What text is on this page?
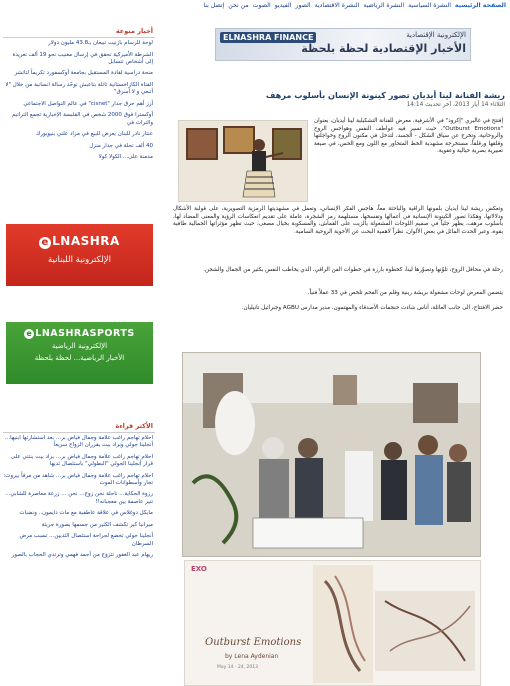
الصفحة الرئيسية
النشرة السياسية
النشرة الرياضية
النشرة الاقتصادية
الصور
الفيديو
الصوت
من نحن
إتصل بنا
أخبار منوعة
لوحة للرسام بازنيت تبيعان بـ43.8 مليون دولار
الشرطة الأميركية تحقق في إرسال مغنيب نحو 19 ألف تغريدة إلى أشخاص تتسابل
منحة دراسية لقادة المستقبل بجامعة أوكسفورد تكريماً لتاتشر
الفتاة الكازاخستانية تائلة بتاعبش توحّد رسالة انسانية من خلال "لا أتبعي و لا أسرق"
أزز أهم حرق جدار "cisnet" في عالم التواصل الاجتماعي
أوكسترا فوق 2000 شخص في القلبسة الإخبارية تجمع التراتيم والتراث في
عنتار نادر للبنان يعرض للبيع في مزاد علني بنيويورك
40 ألف تحلة في جدار منزل
مدمنة على... الكولا كولا
e LNASHRA
الإلكترونية اللبنانية
e LNASHRASPORTS
الإلكترونية الرياضية
الأخبار الرياضية... لحظة بلحظة
الأكثر قراءة
احلام تهاجم راغب علامة وجمال فياض بر... بعد استشارتها ابنيها... أنجلينا جولي وبراد بيت يقرران الزواج سريعاً
احلام تهاجم راغب علامة وجمال فياض بر... براد بيت ينتني على قرار أنجلينا الجولي "البطولي" باستئصال ثديها
احلام تهاجم راغب علامة وجمال فياض بر... شاهد من مرفأ بيروت: تجار وأسطوانات الموت
رزوة الحكاية... ناحلة نحن زوج... نحن ... زرعة معاصرة للشابي... تنير عاصمة يين معجبانه!!
مايكل دوغلاس في علاقة عاطفية مع مات دايمون.. ونضبات
ميرانيا كير تكشف الكثير من جسمها بصورة جريئة
أنجلينا جولي تخضع لجراحة استئصال الثديين... تسبب مرض السرطان
ريهام عبد الغفور تتزوج من أحمد فهمي وترتدي الحجاب بالصور
ELNASHRA FINANCE	الإلكترونية الإقتصادية
الأخبار الإقتصادية لحظة بلحظة
ريشة الفنانة لينا أيديان تصور كينونة الإنسان بأسلوب مرهف
الثلاثاء 14 أيار 2013، آخر تحديث 14:14
إفتتح في غاليري "إكرود" في الأشرفية، معرض للفنانة التشكيلية لينا أيديان، بعنوان "Outburst Emotions"، حيث تسير فيه عواطف النفس وهواجس الروح والروحانية، وتخرج عن سياق الشكل - الجسد، لتدخل في مكنون الروح وخواجلتها وقلقها ورقلقاً، مستخرجة مشهدية الخط المتحاور مع اللون ومع الحس، في صيغة تعبيرية بصرية حيالية وعفوية.
وتعكس ريشة لينا أيديان بلمونها الراقية والباحثة معاً، هاجس الفكر الإنساني، وتعمل في مشهديتها الرمزية التصويرية، على قولبة الأشكال ودلالاتها، وهكذا تصور الكينونة الإنسانية في أعمالها وتفسخها، مستلهمة رمز الشجرة، عاملة على تقديم انعكاسات الرؤية والمعنى المضاد لها، بأسلوب مرهف، يظهر جلياً في صميم اللوحات المشغولة بالزيت على القماش، والمسكوبة بخيال مصغى، حيث تظهر مؤثراتها الجمالية طافية بقوة، وعبر الحدث المائل في بعض الألوان، نظراً لاهمية البحث عن الأحوية الروحية السامية.
رحلة في محافل الروح، تلوّنها وتصوّرها لينا، كخطوة بارزة في خطوات الفن الراقي، الذي يخاطب النفس بكثير من الجمال والشجن.
يتضمن المعرض لوحات مشغولة بريشة رينية وقلم من الفحم تلخص في 33 عملاً فنياً.
حضر الافتتاح، الى جانب العائلة، أناس شاءت حنجمات الأصدقاء والمهتمون، مدير مدارس AGBU وجبرائيل تانيليان.
EXO
Outburst Emotions
by Lena Aydenian
May 14 - 24, 2013
